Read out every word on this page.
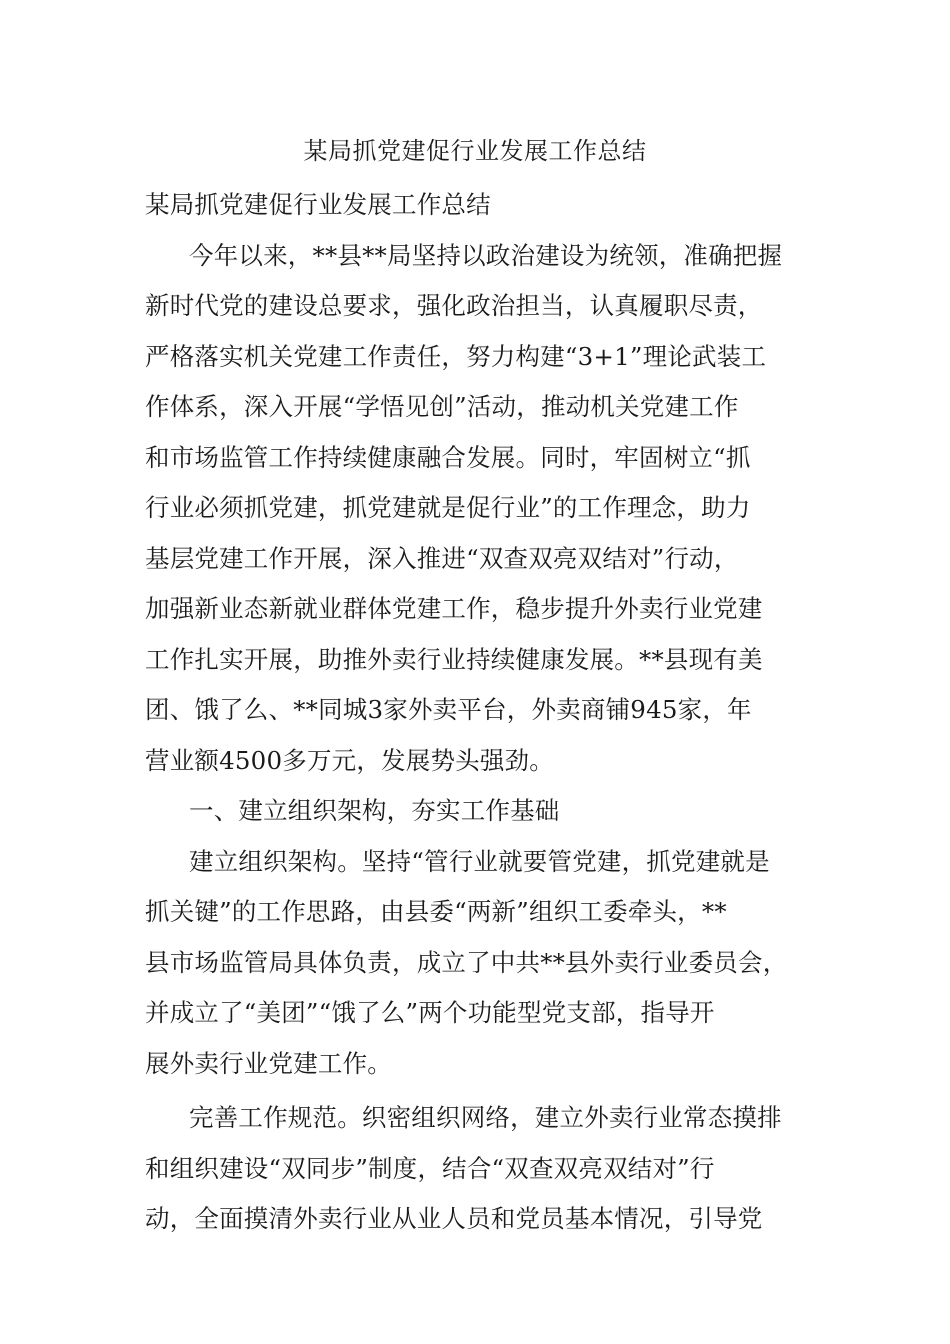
某局抓党建促行业发展工作总结
某局抓党建促行业发展工作总结
今年以来，**县**局坚持以政治建设为统领，准确把握
新时代党的建设总要求，强化政治担当，认真履职尽责，
严格落实机关党建工作责任，努力构建“3+1”理论武装工
作体系，深入开展“学悟见创”活动，推动机关党建工作
和市场监管工作持续健康融合发展。同时，牢固树立“抓
行业必须抓党建，抓党建就是促行业”的工作理念，助力
基层党建工作开展，深入推进“双查双亮双结对”行动，
加强新业态新就业群体党建工作，稳步提升外卖行业党建
工作扎实开展，助推外卖行业持续健康发展。**县现有美
团、饿了么、**同城3家外卖平台，外卖商铺945家，年
营业额4500多万元，发展势头强劲。
一、建立组织架构，夯实工作基础
建立组织架构。坚持“管行业就要管党建，抓党建就是
抓关键”的工作思路，由县委“两新”组织工委牵头，**
县市场监管局具体负责，成立了中共**县外卖行业委员会，
并成立了“美团”“饿了么”两个功能型党支部，指导开
展外卖行业党建工作。
完善工作规范。织密组织网络，建立外卖行业常态摸排
和组织建设“双同步”制度，结合“双查双亮双结对”行
动，全面摸清外卖行业从业人员和党员基本情况，引导党
